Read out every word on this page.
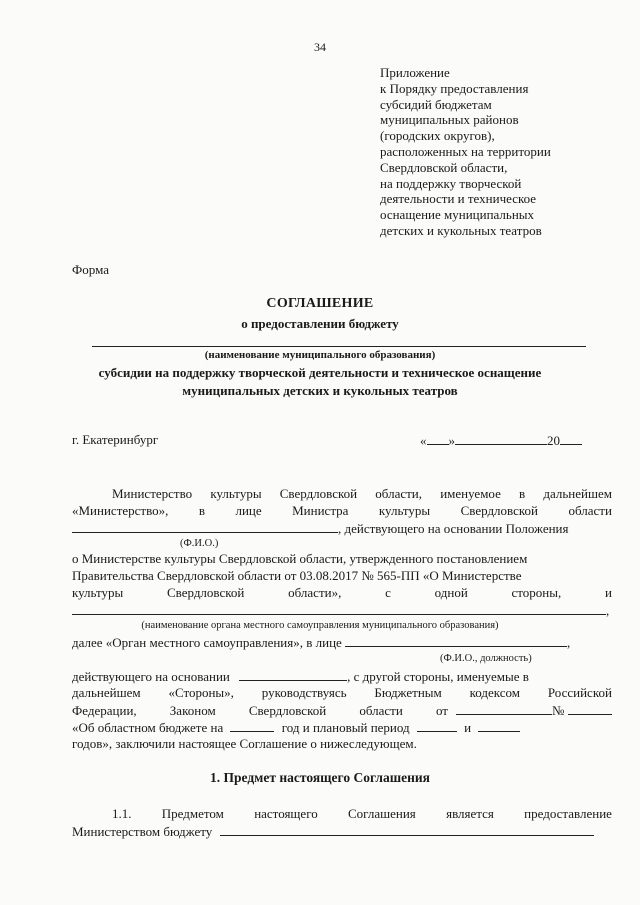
34
Приложение
к Порядку предоставления
субсидий бюджетам
муниципальных районов
(городских округов),
расположенных на территории
Свердловской области,
на поддержку творческой
деятельности и техническое
оснащение муниципальных
детских и кукольных театров
Форма
СОГЛАШЕНИЕ
о предоставлении бюджету
(наименование муниципального образования)
субсидии на поддержку творческой деятельности и техническое оснащение
муниципальных детских и кукольных театров
г. Екатеринбург	« »	20
Министерство культуры Свердловской области, именуемое в дальнейшем
«Министерство», в лице Министра культуры Свердловской области
, действующего на основании Положения
(Ф.И.О.)
о Министерстве культуры Свердловской области, утвержденного постановлением
Правительства Свердловской области от 03.08.2017 № 565-ПП «О Министерстве
культуры	Свердловской	области»,	с	одной	стороны,	и
,
(наименование органа местного самоуправления муниципального образования)
далее «Орган местного самоуправления», в лице	,
(Ф.И.О., должность)
действующего на основании	, с другой стороны, именуемые в
дальнейшем «Стороны», руководствуясь Бюджетным кодексом Российской
Федерации,	Законом	Свердловской	области	от	№
«Об областном бюджете на	год и плановый период	и
годов», заключили настоящее Соглашение о нижеследующем.
1. Предмет настоящего Соглашения
1.1. Предметом настоящего Соглашения является предоставление
Министерством бюджету
